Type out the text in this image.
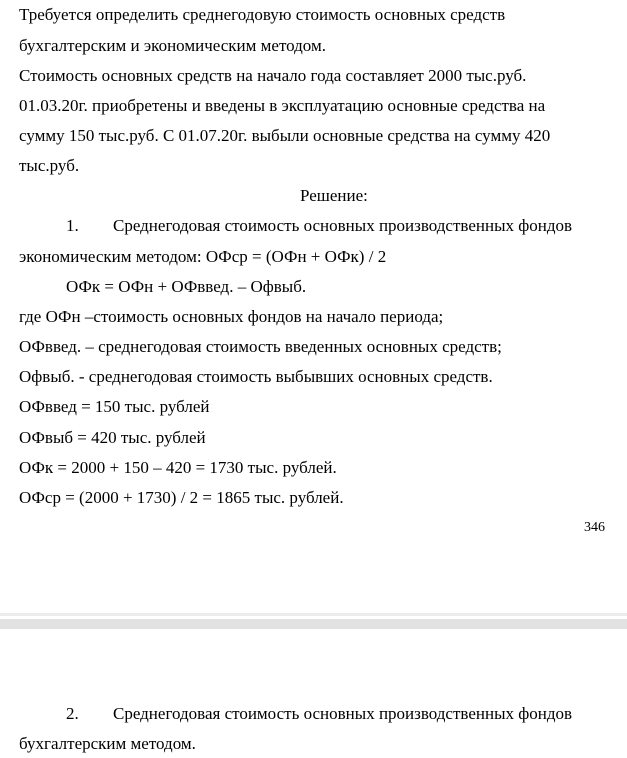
Требуется определить среднегодовую стоимость основных средств
бухгалтерским и экономическим методом.
Стоимость основных средств на начало года составляет 2000 тыс.руб.
01.03.20г. приобретены и введены в эксплуатацию основные средства на
сумму 150 тыс.руб. С 01.07.20г. выбыли основные средства на сумму 420
тыс.руб.
Решение:
1. Среднегодовая стоимость основных производственных фондов
экономическим методом: ОФср = (ОФн + ОФк) / 2
ОФк = ОФн + ОФввед. – Офвыб.
где ОФн –стоимость основных фондов на начало периода;
ОФввед. – среднегодовая стоимость введенных основных средств;
Офвыб. - среднегодовая стоимость выбывших основных средств.
ОФввед = 150 тыс. рублей
ОФвыб = 420 тыс. рублей
ОФк = 2000 + 150 – 420 = 1730 тыс. рублей.
ОФср = (2000 + 1730) / 2 = 1865 тыс. рублей.
346
2. Среднегодовая стоимость основных производственных фондов
бухгалтерским методом.
